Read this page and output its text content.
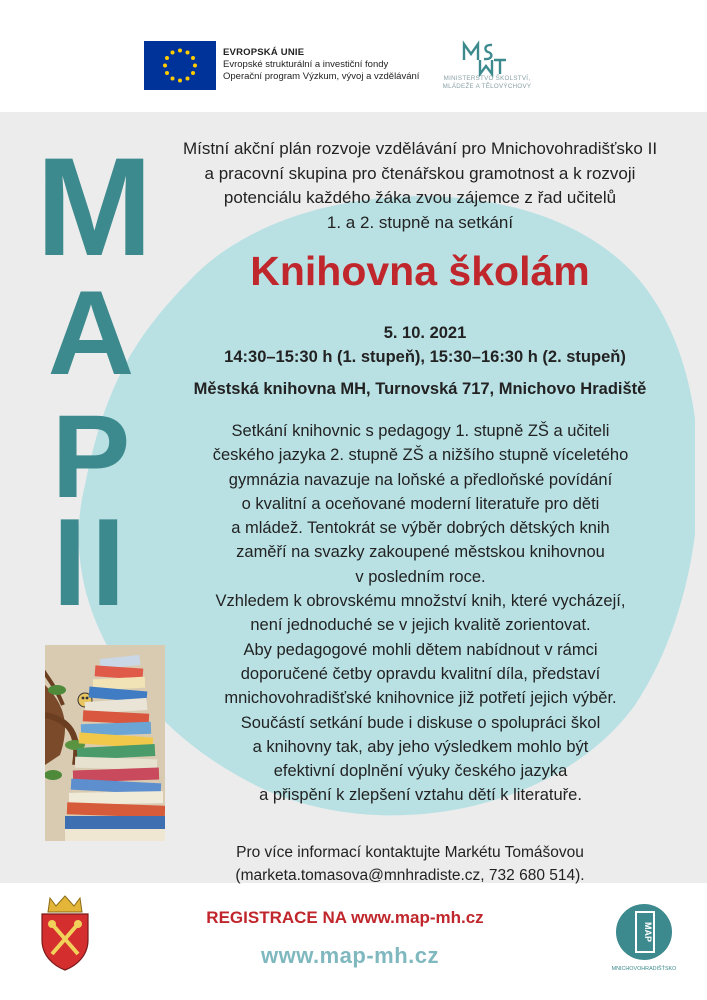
EVROPSKÁ UNIE
Evropské strukturální a investiční fondy
Operační program Výzkum, vývoj a vzdělávání	MINISTERSTVO ŠKOLSTVÍ,
MLÁDEŽE A TĚLOVÝCHOVY
M
A
P
II
Místní akční plán rozvoje vzdělávání pro Mnichovohradišťsko II
a pracovní skupina pro čtenářskou gramotnost a k rozvoji
potenciálu každého žáka zvou zájemce z řad učitelů
1. a 2. stupně na setkání
Knihovna školám
5. 10. 2021
14:30–15:30 h (1. stupeň), 15:30–16:30 h (2. stupeň)
Městská knihovna MH, Turnovská 717, Mnichovo Hradiště
Setkání knihovnic s pedagogy 1. stupně ZŠ a učiteli
českého jazyka 2. stupně ZŠ a nižšího stupně víceletého
gymnázia navazuje na loňské a předloňské povídání
o kvalitní a oceňované moderní literatuře pro děti
a mládež. Tentokrát se výběr dobrých dětských knih
zaměří na svazky zakoupené městskou knihovnou
v posledním roce.
Vzhledem k obrovskému množství knih, které vycházejí,
není jednoduché se v jejich kvalitě zorientovat.
Aby pedagogové mohli dětem nabídnout v rámci
doporučené četby opravdu kvalitní díla, představí
mnichovohradišťské knihovnice již potřetí jejich výběr.
Součástí setkání bude i diskuse o spolupráci škol
a knihovny tak, aby jeho výsledkem mohlo být
efektivní doplnění výuky českého jazyka
a přispění k zlepšení vztahu dětí k literatuře.
Pro více informací kontaktujte Markétu Tomášovou
(marketa.tomasova@mnhradiste.cz, 732 680 514).
REGISTRACE NA www.map-mh.cz
www.map-mh.cz
MAP
MNICHOVOHRADIŠŤSKO
